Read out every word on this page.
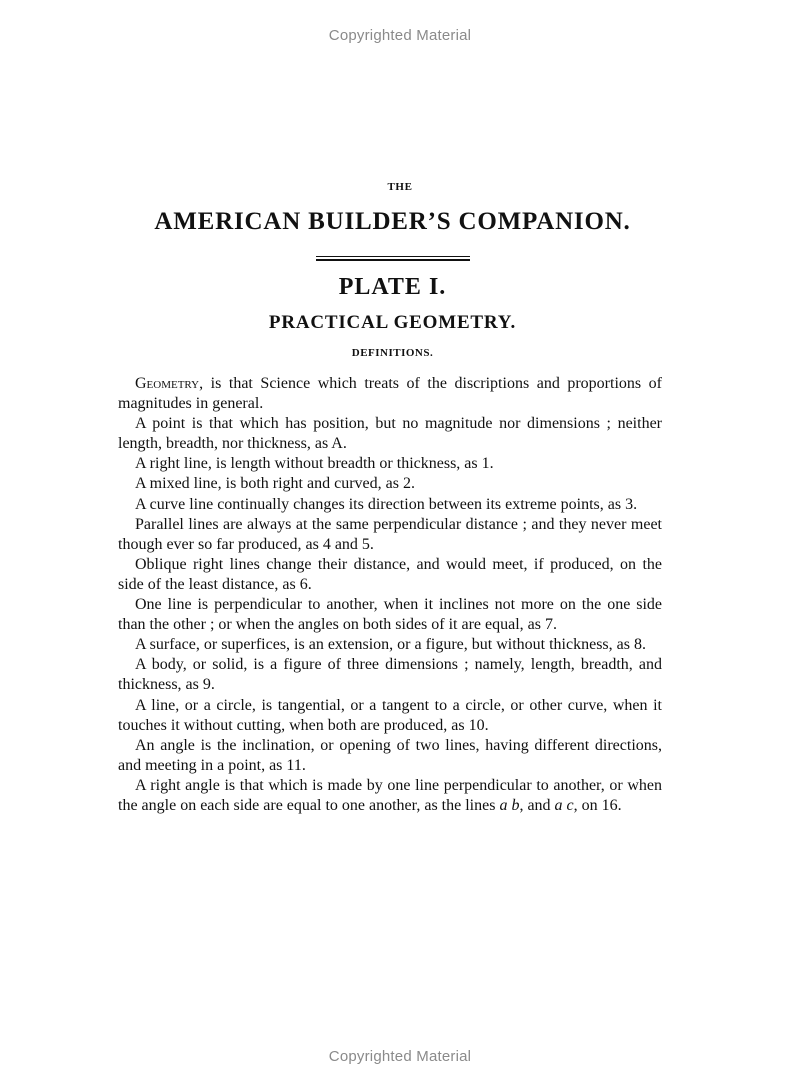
Copyrighted Material
THE
AMERICAN BUILDER’S COMPANION.
PLATE I.
PRACTICAL GEOMETRY.
DEFINITIONS.

Geometry, is that Science which treats of the discriptions and proportions of magnitudes in general.

A point is that which has position, but no magnitude nor dimensions ; neither length, breadth, nor thickness, as A.

A right line, is length without breadth or thickness, as 1.

A mixed line, is both right and curved, as 2.

A curve line continually changes its direction between its extreme points, as 3.

Parallel lines are always at the same perpendicular distance ; and they never meet though ever so far produced, as 4 and 5.

Oblique right lines change their distance, and would meet, if produced, on the side of the least distance, as 6.

One line is perpendicular to another, when it inclines not more on the one side than the other ; or when the angles on both sides of it are equal, as 7.

A surface, or superfices, is an extension, or a figure, but without thickness, as 8.

A body, or solid, is a figure of three dimensions ; namely, length, breadth, and thickness, as 9.

A line, or a circle, is tangential, or a tangent to a circle, or other curve, when it touches it without cutting, when both are produced, as 10.

An angle is the inclination, or opening of two lines, having different directions, and meeting in a point, as 11.

A right angle is that which is made by one line perpendicular to another, or when the angle on each side are equal to one another, as the lines a b, and a c, on 16.

Copyrighted Material
